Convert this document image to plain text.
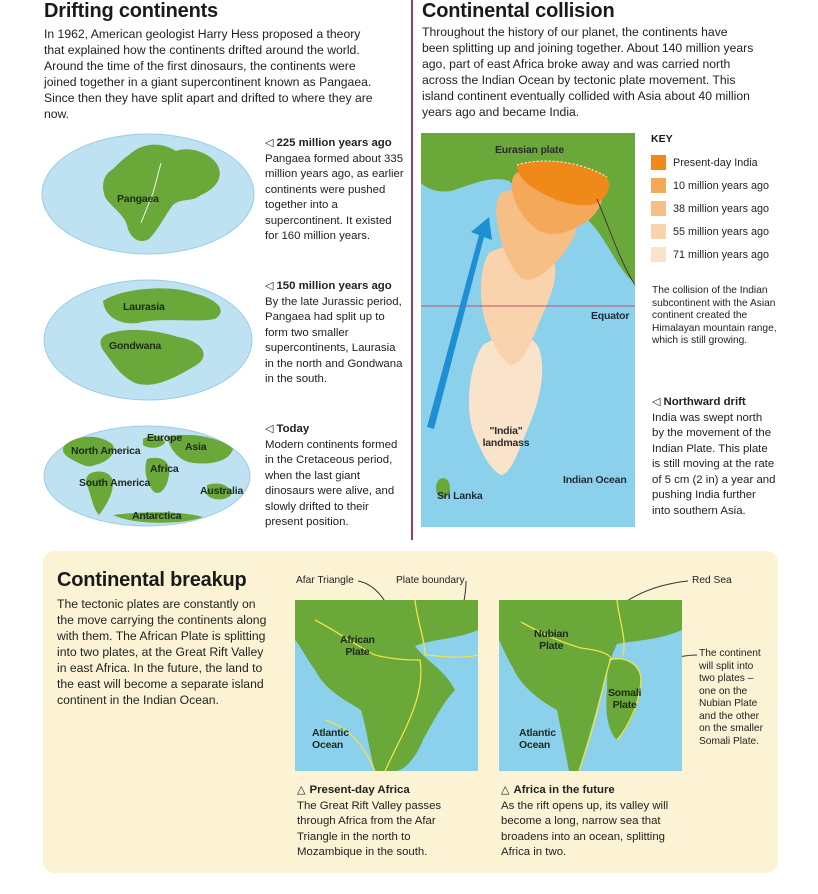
Drifting continents
In 1962, American geologist Harry Hess proposed a theory that explained how the continents drifted around the world. Around the time of the first dinosaurs, the continents were joined together in a giant supercontinent known as Pangaea. Since then they have split apart and drifted to where they are now.
Pangaea
◁ 225 million years ago
Pangaea formed about 335 million years ago, as earlier continents were pushed together into a supercontinent. It existed for 160 million years.
Laurasia
Gondwana
◁ 150 million years ago
By the late Jurassic period, Pangaea had split up to form two smaller supercontinents, Laurasia in the north and Gondwana in the south.
North America
Europe
Asia
Africa
South America
Australia
Antarctica
◁ Today
Modern continents formed in the Cretaceous period, when the last giant dinosaurs were alive, and slowly drifted to their present position.
Continental collision
Throughout the history of our planet, the continents have been splitting up and joining together. About 140 million years ago, part of east Africa broke away and was carried north across the Indian Ocean by tectonic plate movement. This island continent eventually collided with Asia about 40 million years ago and became India.
Eurasian plate
Equator
"India"
landmass
Indian Ocean
Sri Lanka
KEY
Present-day India
10 million years ago
38 million years ago
55 million years ago
71 million years ago
The collision of the Indian subcontinent with the Asian continent created the Himalayan mountain range, which is still growing.
◁ Northward drift
India was swept north by the movement of the Indian Plate. This plate is still moving at the rate of 5 cm (2 in) a year and pushing India further into southern Asia.
Continental breakup
The tectonic plates are constantly on the move carrying the continents along with them. The African Plate is splitting into two plates, at the Great Rift Valley in east Africa. In the future, the land to the east will become a separate island continent in the Indian Ocean.
Afar Triangle	Plate boundary	Red Sea
African
Plate
Atlantic
Ocean
△ Present-day Africa
The Great Rift Valley passes through Africa from the Afar Triangle in the north to Mozambique in the south.
Nubian
Plate
Somali
Plate
Atlantic
Ocean
△ Africa in the future
As the rift opens up, its valley will become a long, narrow sea that broadens into an ocean, splitting Africa in two.
The continent will split into two plates – one on the Nubian Plate and the other on the smaller Somali Plate.
